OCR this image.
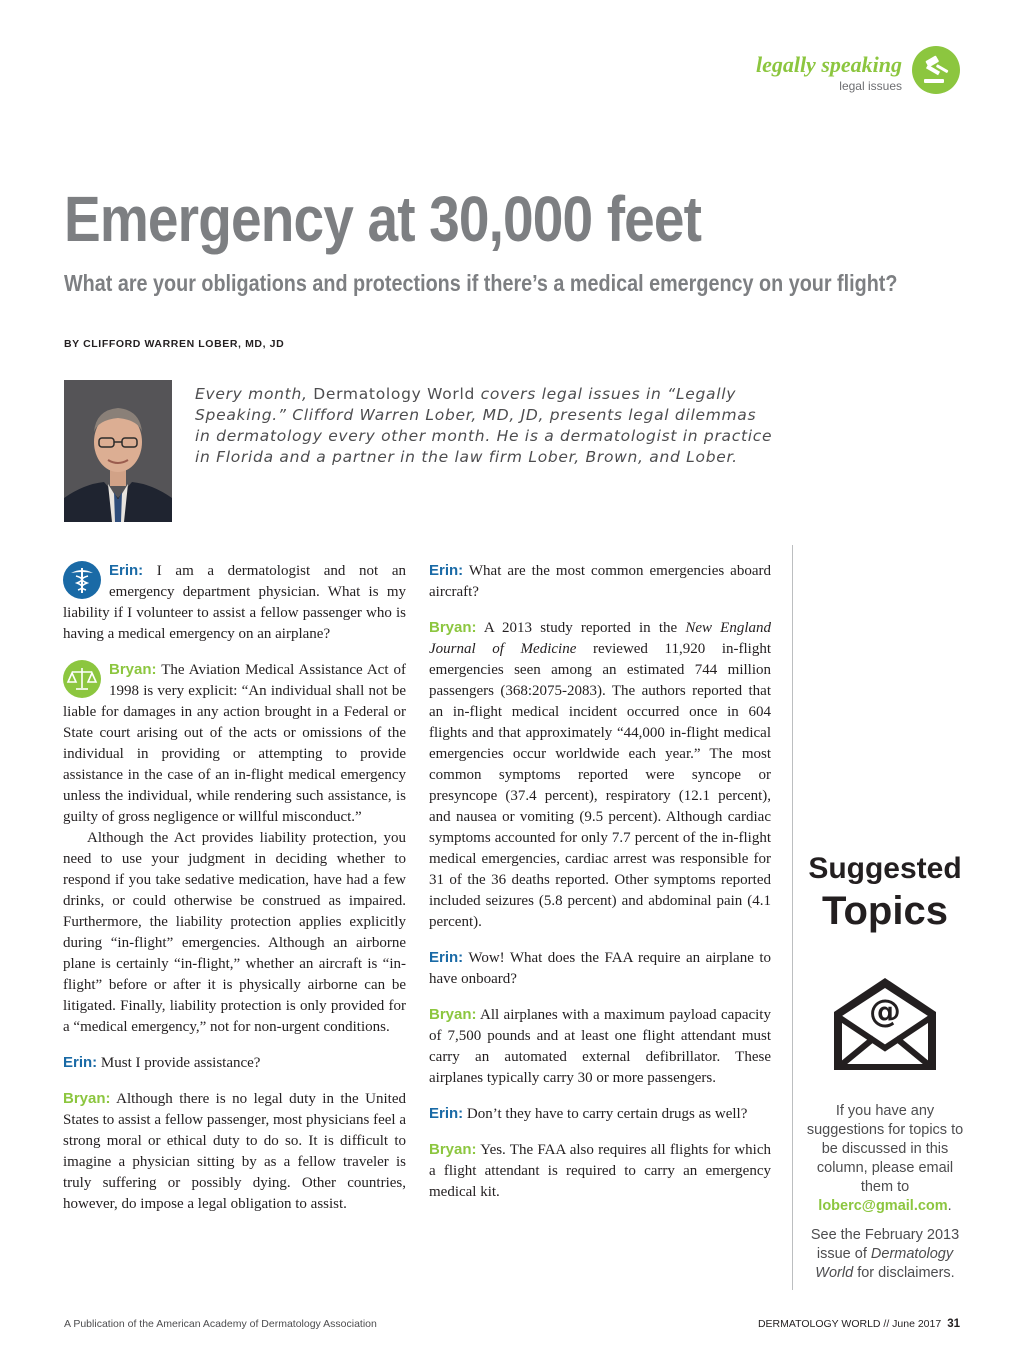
legally speaking
legal issues
Emergency at 30,000 feet
What are your obligations and protections if there’s a medical emergency on your flight?
BY CLIFFORD WARREN LOBER, MD, JD

Every month, Dermatology World covers legal issues in “Legally Speaking.” Clifford Warren Lober, MD, JD, presents legal dilemmas in dermatology every other month. He is a dermatologist in practice in Florida and a partner in the law firm Lober, Brown, and Lober.

Erin: I am a dermatologist and not an emergency department physician. What is my liability if I volunteer to assist a fellow passenger who is having a medical emergency on an airplane?

Bryan: The Aviation Medical Assistance Act of 1998 is very explicit: “An individual shall not be liable for damages in any action brought in a Federal or State court arising out of the acts or omissions of the individual in providing or attempting to provide assistance in the case of an in-flight medical emergency unless the individual, while rendering such assistance, is guilty of gross negligence or willful misconduct.”

Although the Act provides liability protection, you need to use your judgment in deciding whether to respond if you take sedative medication, have had a few drinks, or could otherwise be construed as impaired. Furthermore, the liability protection applies explicitly during “in-flight” emergencies. Although an airborne plane is certainly “in-flight,” whether an aircraft is “in-flight” before or after it is physically airborne can be litigated. Finally, liability protection is only provided for a “medical emergency,” not for non-urgent conditions.

Erin: Must I provide assistance?

Bryan: Although there is no legal duty in the United States to assist a fellow passenger, most physicians feel a strong moral or ethical duty to do so. It is difficult to imagine a physician sitting by as a fellow traveler is truly suffering or possibly dying. Other countries, however, do impose a legal obligation to assist.

Erin: What are the most common emergencies aboard aircraft?

Bryan: A 2013 study reported in the New England Journal of Medicine reviewed 11,920 in-flight emergencies seen among an estimated 744 million passengers (368:2075-2083). The authors reported that an in-flight medical incident occurred once in 604 flights and that approximately “44,000 in-flight medical emergencies occur worldwide each year.” The most common symptoms reported were syncope or presyncope (37.4 percent), respiratory (12.1 percent), and nausea or vomiting (9.5 percent). Although cardiac symptoms accounted for only 7.7 percent of the in-flight medical emergencies, cardiac arrest was responsible for 31 of the 36 deaths reported. Other symptoms reported included seizures (5.8 percent) and abdominal pain (4.1 percent).

Erin: Wow! What does the FAA require an airplane to have onboard?

Bryan: All airplanes with a maximum payload capacity of 7,500 pounds and at least one flight attendant must carry an automated external defibrillator. These airplanes typically carry 30 or more passengers.

Erin: Don’t they have to carry certain drugs as well?

Bryan: Yes. The FAA also requires all flights for which a flight attendant is required to carry an emergency medical kit.

Suggested
Topics
@

If you have any suggestions for topics to be discussed in this column, please email them to loberc@gmail.com.

See the February 2013 issue of Dermatology World for disclaimers.

A Publication of the American Academy of Dermatology Association	DERMATOLOGY WORLD // June 2017 31
